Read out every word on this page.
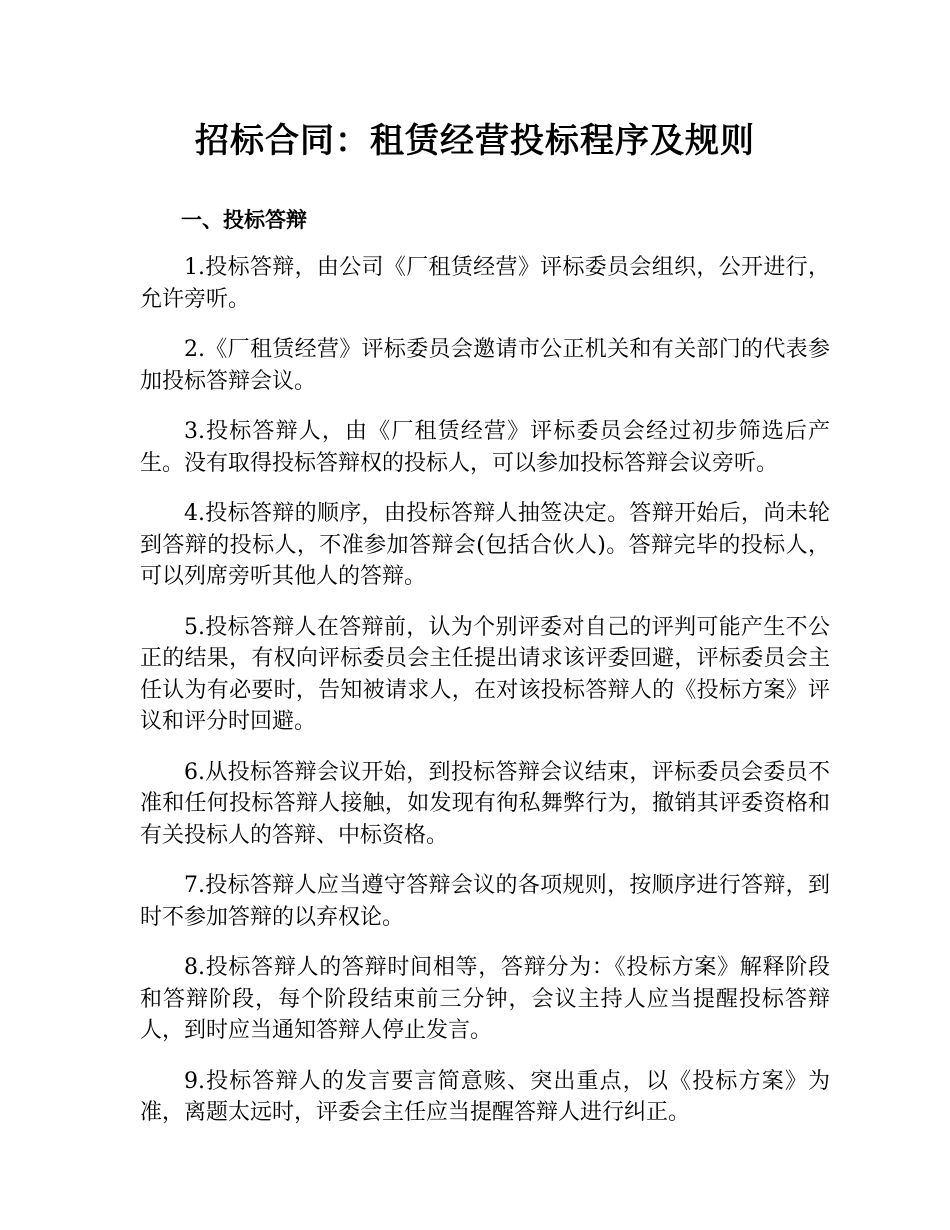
招标合同：租赁经营投标程序及规则
一、投标答辩

1.投标答辩，由公司《厂租赁经营》评标委员会组织，公开进行，允许旁听。

2.《厂租赁经营》评标委员会邀请市公正机关和有关部门的代表参加投标答辩会议。

3.投标答辩人，由《厂租赁经营》评标委员会经过初步筛选后产生。没有取得投标答辩权的投标人，可以参加投标答辩会议旁听。

4.投标答辩的顺序，由投标答辩人抽签决定。答辩开始后，尚未轮到答辩的投标人，不准参加答辩会(包括合伙人)。答辩完毕的投标人，可以列席旁听其他人的答辩。

5.投标答辩人在答辩前，认为个别评委对自己的评判可能产生不公正的结果，有权向评标委员会主任提出请求该评委回避，评标委员会主任认为有必要时，告知被请求人，在对该投标答辩人的《投标方案》评议和评分时回避。

6.从投标答辩会议开始，到投标答辩会议结束，评标委员会委员不准和任何投标答辩人接触，如发现有徇私舞弊行为，撤销其评委资格和有关投标人的答辩、中标资格。

7.投标答辩人应当遵守答辩会议的各项规则，按顺序进行答辩，到时不参加答辩的以弃权论。

8.投标答辩人的答辩时间相等，答辩分为：《投标方案》解释阶段和答辩阶段，每个阶段结束前三分钟，会议主持人应当提醒投标答辩人，到时应当通知答辩人停止发言。

9.投标答辩人的发言要言简意赅、突出重点，以《投标方案》为准，离题太远时，评委会主任应当提醒答辩人进行纠正。
